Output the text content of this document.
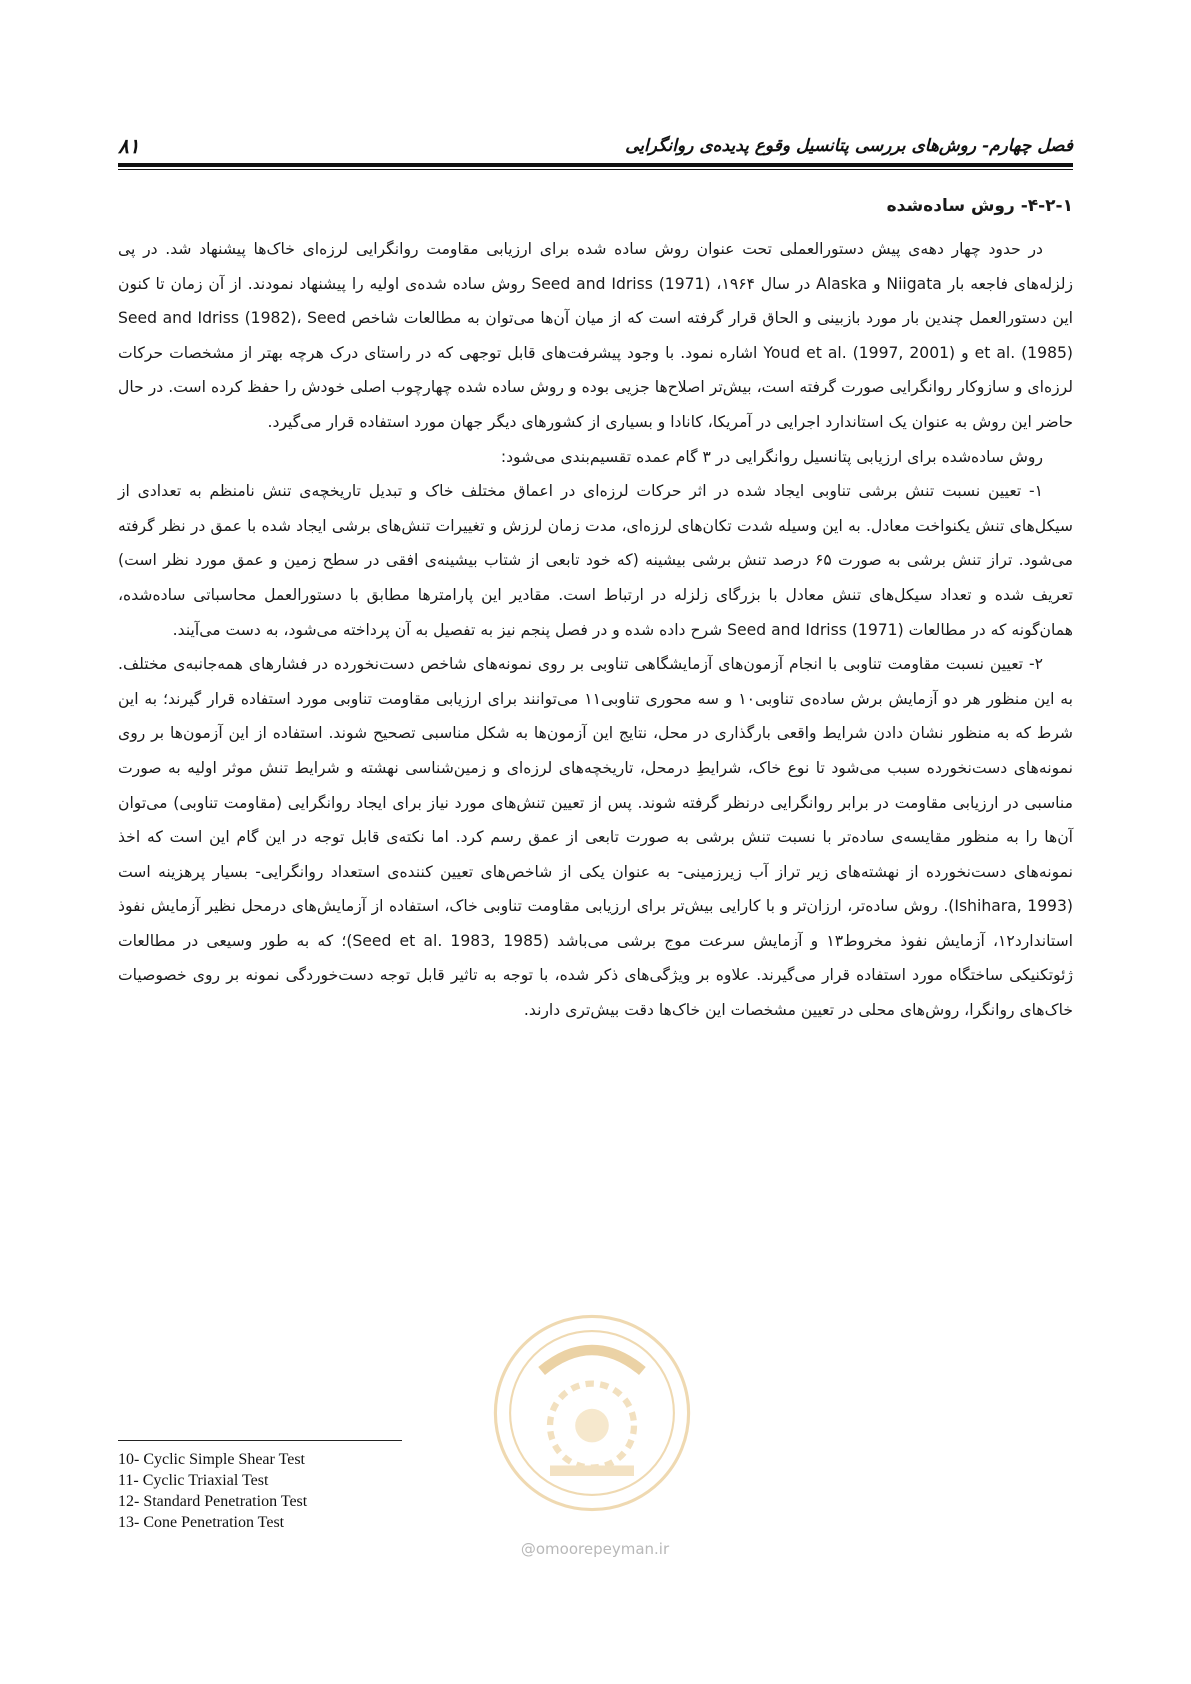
فصل چهارم- روش‌های بررسی پتانسیل وقوع پدیده‌ی روانگرایی
۸۱
۴-۲-۱- روش ساده‌شده

در حدود چهار دهه‌ی پیش دستورالعملی تحت عنوان روش ساده شده برای ارزیابی مقاومت روانگرایی لرزه‌ای خاک‌ها پیشنهاد شد. در پی زلزله‌های فاجعه بار Niigata و Alaska در سال ۱۹۶۴، Seed and Idriss (1971) روش ساده شده‌ی اولیه را پیشنهاد نمودند. از آن زمان تا کنون این دستورالعمل چندین بار مورد بازبینی و الحاق قرار گرفته است که از میان آن‌ها می‌توان به مطالعات شاخص Seed and Idriss (1982)، Seed et al. (1985) و Youd et al. (1997, 2001) اشاره نمود. با وجود پیشرفت‌های قابل توجهی که در راستای درک هرچه بهتر از مشخصات حرکات لرزه‌ای و سازوکار روانگرایی صورت گرفته است، بیش‌تر اصلاح‌ها جزیی بوده و روش ساده شده چهارچوب اصلی خودش را حفظ کرده است. در حال حاضر این روش به عنوان یک استاندارد اجرایی در آمریکا، کانادا و بسیاری از کشورهای دیگر جهان مورد استفاده قرار می‌گیرد.

روش ساده‌شده برای ارزیابی پتانسیل روانگرایی در ۳ گام عمده تقسیم‌بندی می‌شود:

۱- تعیین نسبت تنش برشی تناوبی ایجاد شده در اثر حرکات لرزه‌ای در اعماق مختلف خاک و تبدیل تاریخچه‌ی تنش نامنظم به تعدادی از سیکل‌های تنش یکنواخت معادل. به این وسیله شدت تکان‌های لرزه‌ای، مدت زمان لرزش و تغییرات تنش‌های برشی ایجاد شده با عمق در نظر گرفته می‌شود. تراز تنش برشی به صورت ۶۵ درصد تنش برشی بیشینه (که خود تابعی از شتاب بیشینه‌ی افقی در سطح زمین و عمق مورد نظر است) تعریف شده و تعداد سیکل‌های تنش معادل با بزرگای زلزله در ارتباط است. مقادیر این پارامترها مطابق با دستورالعمل محاسباتی ساده‌شده، همان‌گونه که در مطالعات Seed and Idriss (1971) شرح داده شده و در فصل پنجم نیز به تفصیل به آن پرداخته می‌شود، به دست می‌آیند.

۲- تعیین نسبت مقاومت تناوبی با انجام آزمون‌های آزمایشگاهی تناوبی بر روی نمونه‌های شاخص دست‌نخورده در فشارهای همه‌جانبه‌ی مختلف. به این منظور هر دو آزمایش برش ساده‌ی تناوبی۱۰ و سه محوری تناوبی۱۱ می‌توانند برای ارزیابی مقاومت تناوبی مورد استفاده قرار گیرند؛ به این شرط که به منظور نشان دادن شرایط واقعی بارگذاری در محل، نتایج این آزمون‌ها به شکل مناسبی تصحیح شوند. استفاده از این آزمون‌ها بر روی نمونه‌های دست‌نخورده سبب می‌شود تا نوع خاک، شرایطِ درمحل، تاریخچه‌های لرزه‌ای و زمین‌شناسی نهشته و شرایط تنش موثر اولیه به صورت مناسبی در ارزیابی مقاومت در برابر روانگرایی درنظر گرفته شوند. پس از تعیین تنش‌های مورد نیاز برای ایجاد روانگرایی (مقاومت تناوبی) می‌توان آن‌ها را به منظور مقایسه‌ی ساده‌تر با نسبت تنش برشی به صورت تابعی از عمق رسم کرد. اما نکته‌ی قابل توجه در این گام این است که اخذ نمونه‌های دست‌نخورده از نهشته‌های زیر تراز آب زیرزمینی- به عنوان یکی از شاخص‌های تعیین کننده‌ی استعداد روانگرایی- بسیار پرهزینه است (Ishihara, 1993). روش ساده‌تر، ارزان‌تر و با کارایی بیش‌تر برای ارزیابی مقاومت تناوبی خاک، استفاده از آزمایش‌های درمحل نظیر آزمایش نفوذ استاندارد۱۲، آزمایش نفوذ مخروط۱۳ و آزمایش سرعت موج برشی می‌باشد (Seed et al. 1983, 1985)؛ که به طور وسیعی در مطالعات ژئوتکنیکی ساختگاه مورد استفاده قرار می‌گیرند. علاوه بر ویژگی‌های ذکر شده، با توجه به تاثیر قابل توجه دست‌خوردگی نمونه بر روی خصوصیات خاک‌های روانگرا، روش‌های محلی در تعیین مشخصات این خاک‌ها دقت بیش‌تری دارند.

@omoorepeyman.ir
10- Cyclic Simple Shear Test
11- Cyclic Triaxial Test
12- Standard Penetration Test
13- Cone Penetration Test
